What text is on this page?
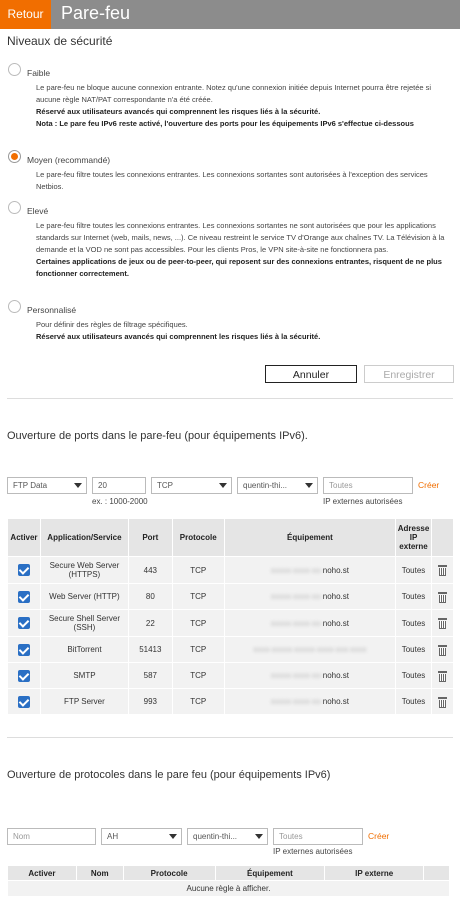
Retour Pare-feu
Niveaux de sécurité
Faible
Le pare-feu ne bloque aucune connexion entrante. Notez qu'une connexion initiée depuis Internet pourra être rejetée si aucune règle NAT/PAT correspondante n'a été créée.
Réservé aux utilisateurs avancés qui comprennent les risques liés à la sécurité.
Nota : Le pare feu IPv6 reste activé, l'ouverture des ports pour les équipements IPv6 s'effectue ci-dessous
Moyen (recommandé)
Le pare-feu filtre toutes les connexions entrantes. Les connexions sortantes sont autorisées à l'exception des services Netbios.
Elevé
Le pare-feu filtre toutes les connexions entrantes. Les connexions sortantes ne sont autorisées que pour les applications standards sur Internet (web, mails, news, ...). Ce niveau restreint le service TV d'Orange aux chaînes TV. La Télévision à la demande et la VOD ne sont pas accessibles. Pour les clients Pros, le VPN site-à-site ne fonctionnera pas.
Certaines applications de jeux ou de peer-to-peer, qui reposent sur des connexions entrantes, risquent de ne plus fonctionner correctement.
Personnalisé
Pour définir des règles de filtrage spécifiques.
Réservé aux utilisateurs avancés qui comprennent les risques liés à la sécurité.
Annuler	Enregistrer
Ouverture de ports dans le pare-feu (pour équipements IPv6).
FTP Data	20
ex. : 1000-2000
TCP	quentin-thi...	Toutes
IP externes autorisées
Créer
Activer	Application/Service	Port	Protocole	Équipement	Adresse IP externe	
	Secure Web Server (HTTPS)	443	TCP	xxxxx-xxxx-xx-noho.st	Toutes	
	Web Server (HTTP)	80	TCP	xxxxx-xxxx-xx-noho.st	Toutes	
	Secure Shell Server (SSH)	22	TCP	xxxxx-xxxx-xx-noho.st	Toutes	
	BitTorrent	51413	TCP	xxxx-xxxxx-xxxxx-xxxx-xxx-xxxx	Toutes	
	SMTP	587	TCP	xxxxx-xxxx-xx-noho.st	Toutes	
	FTP Server	993	TCP	xxxxx-xxxx-xx-noho.st	Toutes	
Ouverture de protocoles dans le pare feu (pour équipements IPv6)
Nom	AH	quentin-thi...	Toutes
IP externes autorisées
Créer
Activer	Nom	Protocole	Équipement	IP externe	
Aucune règle à afficher.
